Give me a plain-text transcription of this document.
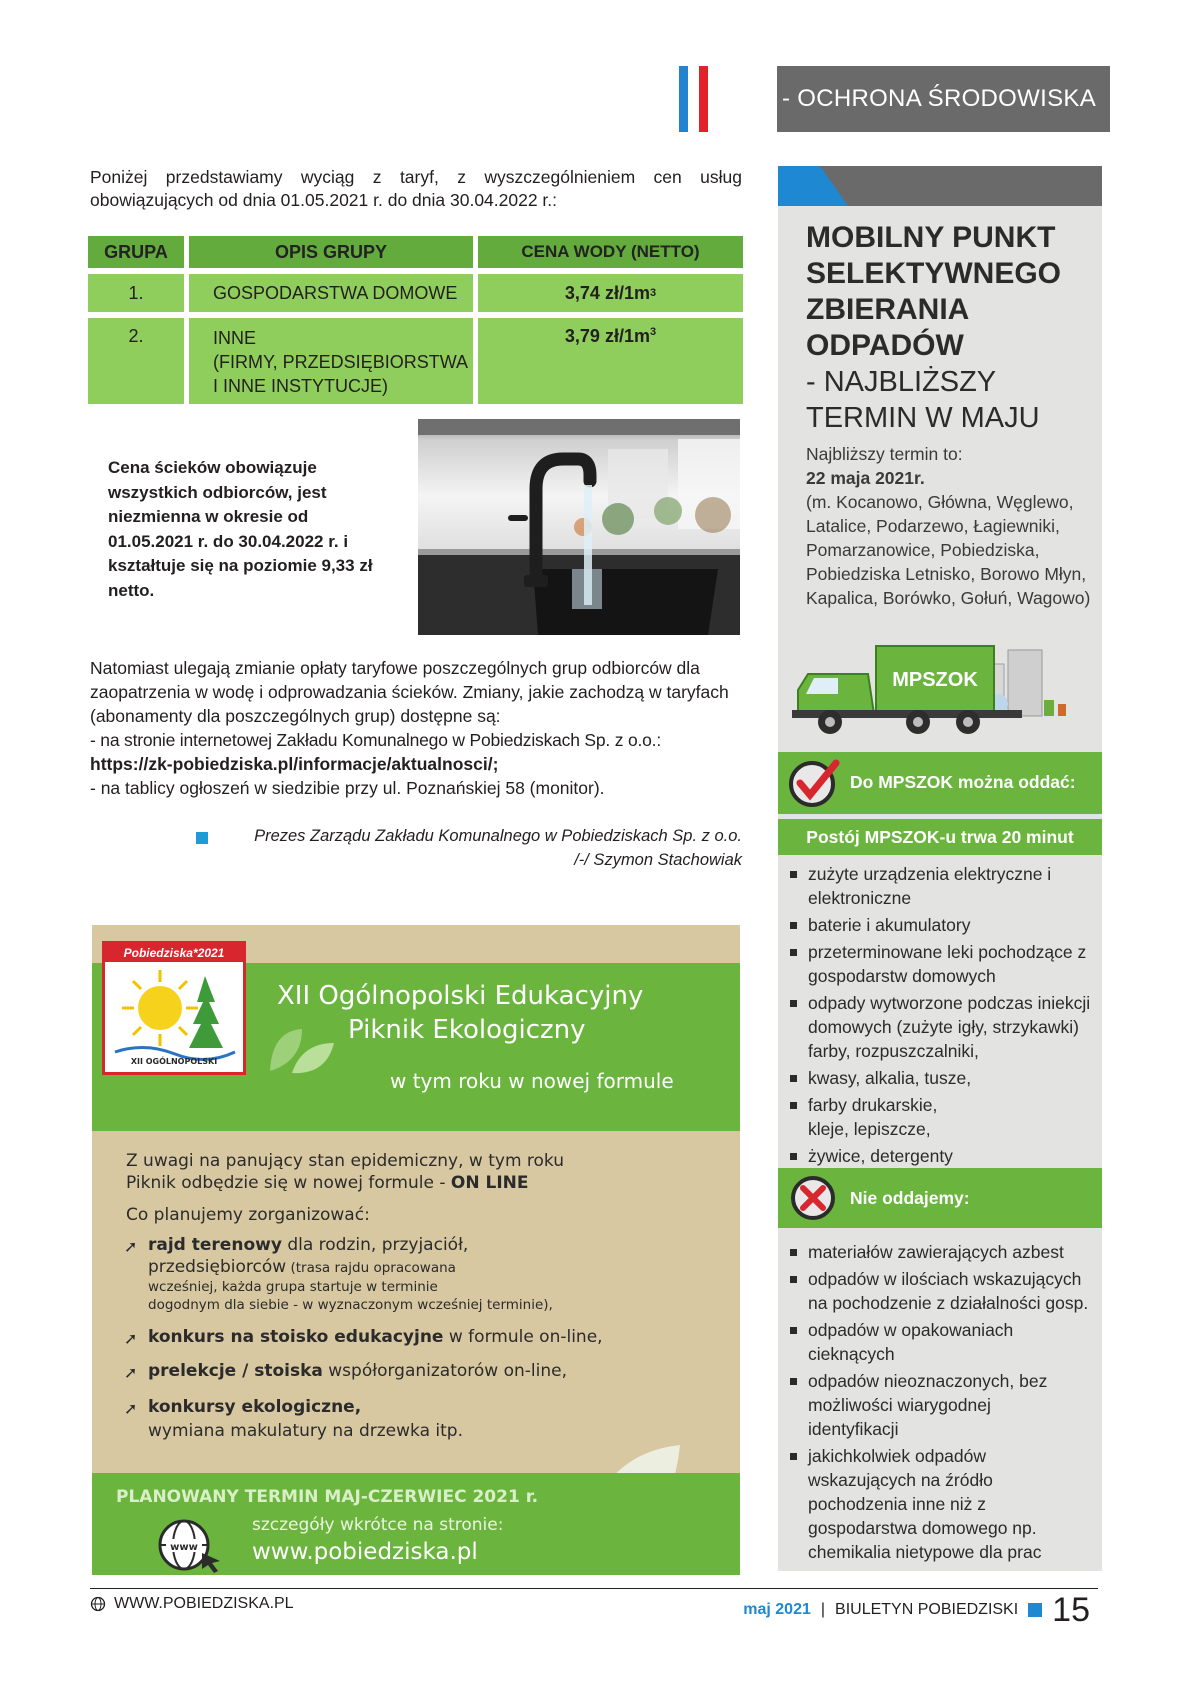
- OCHRONA ŚRODOWISKA

Poniżej przedstawiamy wyciąg z taryf, z wyszczególnieniem cen usług obowiązujących od dnia 01.05.2021 r. do dnia 30.04.2022 r.:

GRUPA	OPIS GRUPY	CENA WODY (NETTO)
1.	GOSPODARSTWA DOMOWE	3,74 zł/1m 3
2.	INNE
(FIRMY, PRZEDSIĘBIORSTWA
I INNE INSTYTUCJE)
3,79 $zł/1m^3$

Cena ścieków obowiązuje wszystkich odbiorców, jest niezmienna w okresie od 01.05.2021 r. do 30.04.2022 r. i kształtuje się na poziomie 9,33 zł netto.

Natomiast ulegają zmianie opłaty taryfowe poszczególnych grup odbiorców dla zaopatrzenia w wodę i odprowadzania ścieków. Zmiany, jakie zachodzą w taryfach (abonamenty dla poszczególnych grup) dostępne są:

- na stronie internetowej Zakładu Komunalnego w Pobiedziskach Sp. z o.o.:

https://zk-pobiedziska.pl/informacje/aktualnosci/;

- na tablicy ogłoszeń w siedzibie przy ul. Poznańskiej 58 (monitor).

Prezes Zarządu Zakładu Komunalnego w Pobiedziskach Sp. z o.o.
/-/ Szymon Stachowiak
Pobiedziska*2021
XII OGÓLNOPOLSKI
XII Ogólnopolski Edukacyjny
Piknik Ekologiczny
w tym roku w nowej formule
Z uwagi na panujący stan epidemiczny, w tym roku
Piknik odbędzie się w nowej formule - ON LINE
Co planujemy zorganizować:
➚ rajd terenowy dla rodzin, przyjaciół,
przedsiębiorców (trasa rajdu opracowana
wcześniej, każda grupa startuje w terminie
dogodnym dla siebie - w wyznaczonym wcześniej terminie),
➚ konkurs na stoisko edukacyjne w formule on-line,
➚ prelekcje / stoiska współorganizatorów on-line,
➚ konkursy ekologiczne,
wymiana makulatury na drzewka itp.
PLANOWANY TERMIN MAJ-CZERWIEC 2021 r.
szczegóły wkrótce na stronie:
www www.pobiedziska.pl
MOBILNY PUNKT
SELEKTYWNEGO
ZBIERANIA
ODPADÓW
- NAJBLIŻSZY
TERMIN W MAJU
Najbliższy termin to:
22 maja 2021r.
(m. Kocanowo, Główna, Węglewo, Latalice, Podarzewo, Łagiewniki, Pomarzanowice, Pobiedziska, Pobiedziska Letnisko, Borowo Młyn, Kapalica, Borówko, Gołuń, Wagowo)
MPSZOK
Do MPSZOK można oddać:
Postój MPSZOK-u trwa 20 minut
zużyte urządzenia elektryczne i elektroniczne
baterie i akumulatory
przeterminowane leki pochodzące z gospodarstw domowych
odpady wytworzone podczas iniekcji domowych (zużyte igły, strzykawki) farby, rozpuszczalniki,
kwasy, alkalia, tusze,
farby drukarskie, kleje, lepiszcze,
żywice, detergenty
Nie oddajemy:
materiałów zawierających azbest
odpadów w ilościach wskazujących na pochodzenie z działalności gosp.
odpadów w opakowaniach cieknących
odpadów nieoznaczonych, bez możliwości wiarygodnej identyfikacji
jakichkolwiek odpadów wskazujących na źródło pochodzenia inne niż z gospodarstwa domowego np. chemikalia nietypowe dla prac
WWW.POBIEDZISKA.PL	maj 2021 | BIULETYN POBIEDZISKI 15
